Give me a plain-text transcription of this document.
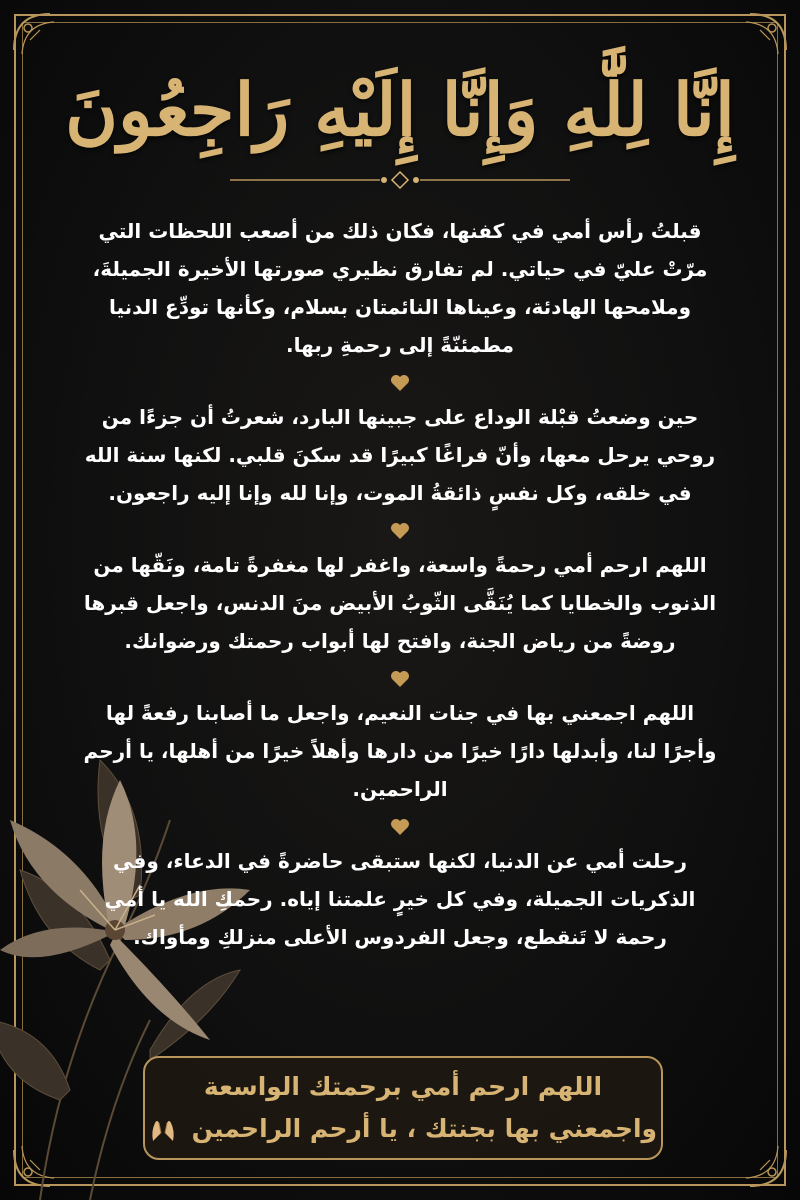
إِنَّا لِلَّٰهِ وَإِنَّا إِلَيْهِ رَاجِعُونَ

قبلتُ رأس أمي في كفنها، فكان ذلك من أصعب اللحظات التي مرّتْ عليّ في حياتي. لم تفارق نظيري صورتها الأخيرة الجميلةَ، وملامحها الهادئة، وعيناها النائمتان بسلام، وكأنها تودِّع الدنيا مطمئنّةً إلى رحمةِ ربها.

حين وضعتُ قبْلة الوداع على جبينها البارد، شعرتُ أن جزءًا من روحي يرحل معها، وأنّ فراغًا كبيرًا قد سكنَ قلبي. لكنها سنة الله في خلقه، وكل نفسٍ ذائقةُ الموت، وإنا لله وإنا إليه راجعون.

اللهم ارحم أمي رحمةً واسعة، واغفر لها مغفرةً تامة، ونَقّها من الذنوب والخطايا كما يُنَقَّى الثّوبُ الأبيض منَ الدنس، واجعل قبرها روضةً من رياض الجنة، وافتح لها أبواب رحمتك ورضوانك.

اللهم اجمعني بها في جنات النعيم، واجعل ما أصابنا رفعةً لها وأجرًا لنا، وأبدلها دارًا خيرًا من دارها وأهلاً خيرًا من أهلها، يا أرحم الراحمين.

رحلت أمي عن الدنيا، لكنها ستبقى حاضرةً في الدعاء، وفي الذكريات الجميلة، وفي كل خيرٍ علمتنا إياه. رحمكِ الله يا أمي رحمة لا تَنقطع، وجعل الفردوس الأعلى منزلكِ ومأواك.

اللهم ارحم أمي برحمتك الواسعة
واجمعني بها بجنتك ، يا أرحم الراحمين
